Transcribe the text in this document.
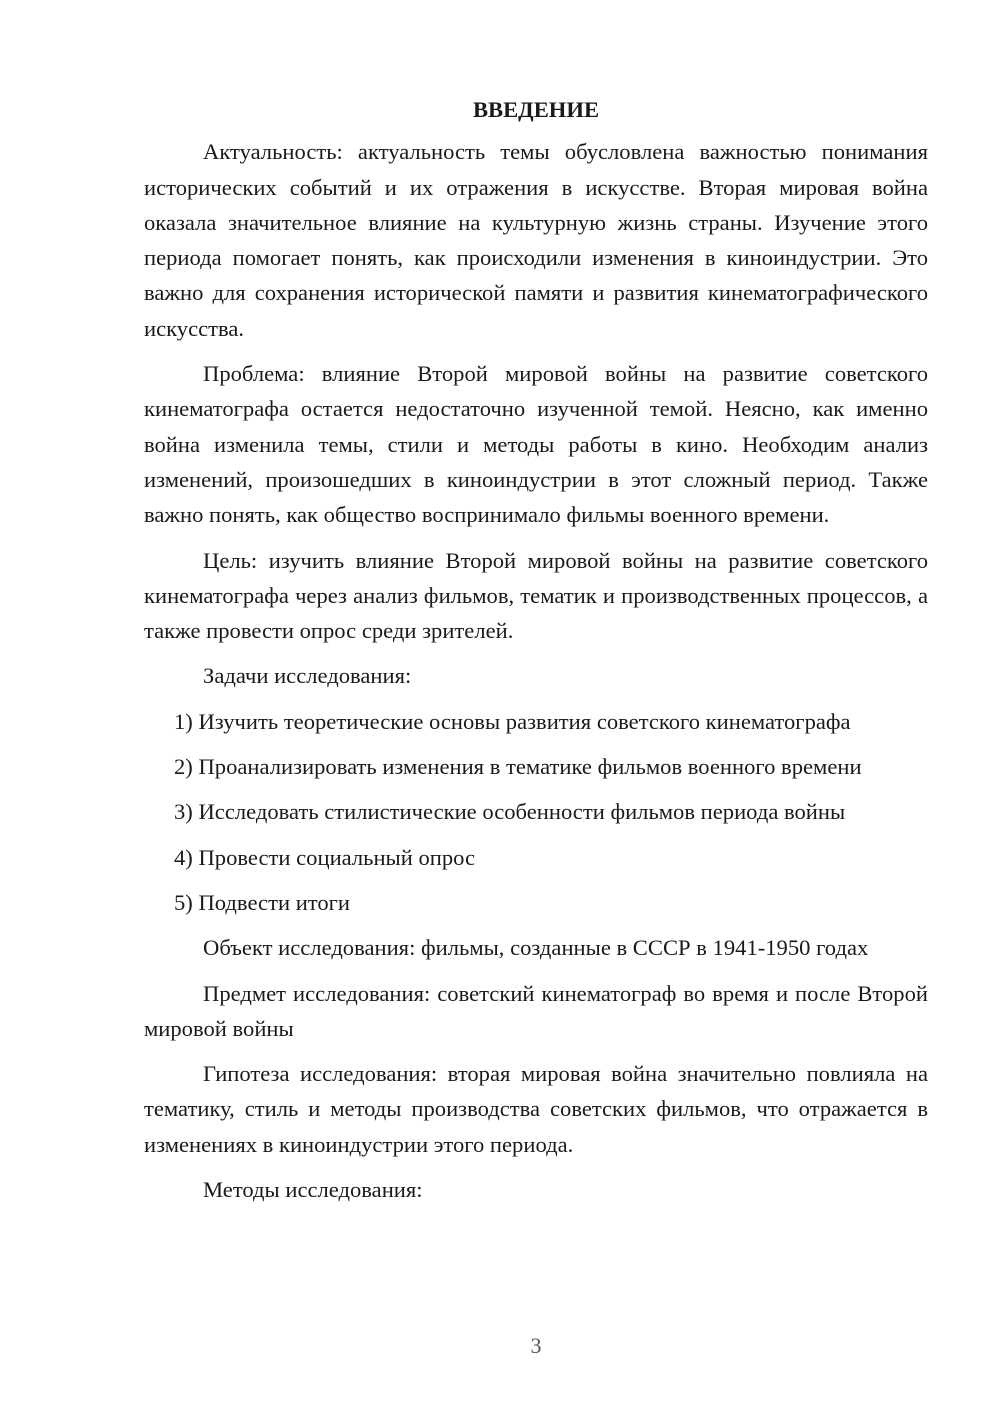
ВВЕДЕНИЕ

Актуальность: актуальность темы обусловлена важностью понимания исторических событий и их отражения в искусстве. Вторая мировая война оказала значительное влияние на культурную жизнь страны. Изучение этого периода помогает понять, как происходили изменения в киноиндустрии. Это важно для сохранения исторической памяти и развития кинематографического искусства.

Проблема: влияние Второй мировой войны на развитие советского кинематографа остается недостаточно изученной темой. Неясно, как именно война изменила темы, стили и методы работы в кино. Необходим анализ изменений, произошедших в киноиндустрии в этот сложный период. Также важно понять, как общество воспринимало фильмы военного времени.

Цель: изучить влияние Второй мировой войны на развитие советского кинематографа через анализ фильмов, тематик и производственных процессов, а также провести опрос среди зрителей.

Задачи исследования:

1) Изучить теоретические основы развития советского кинематографа

2) Проанализировать изменения в тематике фильмов военного времени

3) Исследовать стилистические особенности фильмов периода войны

4) Провести социальный опрос

5) Подвести итоги

Объект исследования: фильмы, созданные в СССР в 1941-1950 годах

Предмет исследования: советский кинематограф во время и после Второй мировой войны

Гипотеза исследования: вторая мировая война значительно повлияла на тематику, стиль и методы производства советских фильмов, что отражается в изменениях в киноиндустрии этого периода.

Методы исследования:

3
